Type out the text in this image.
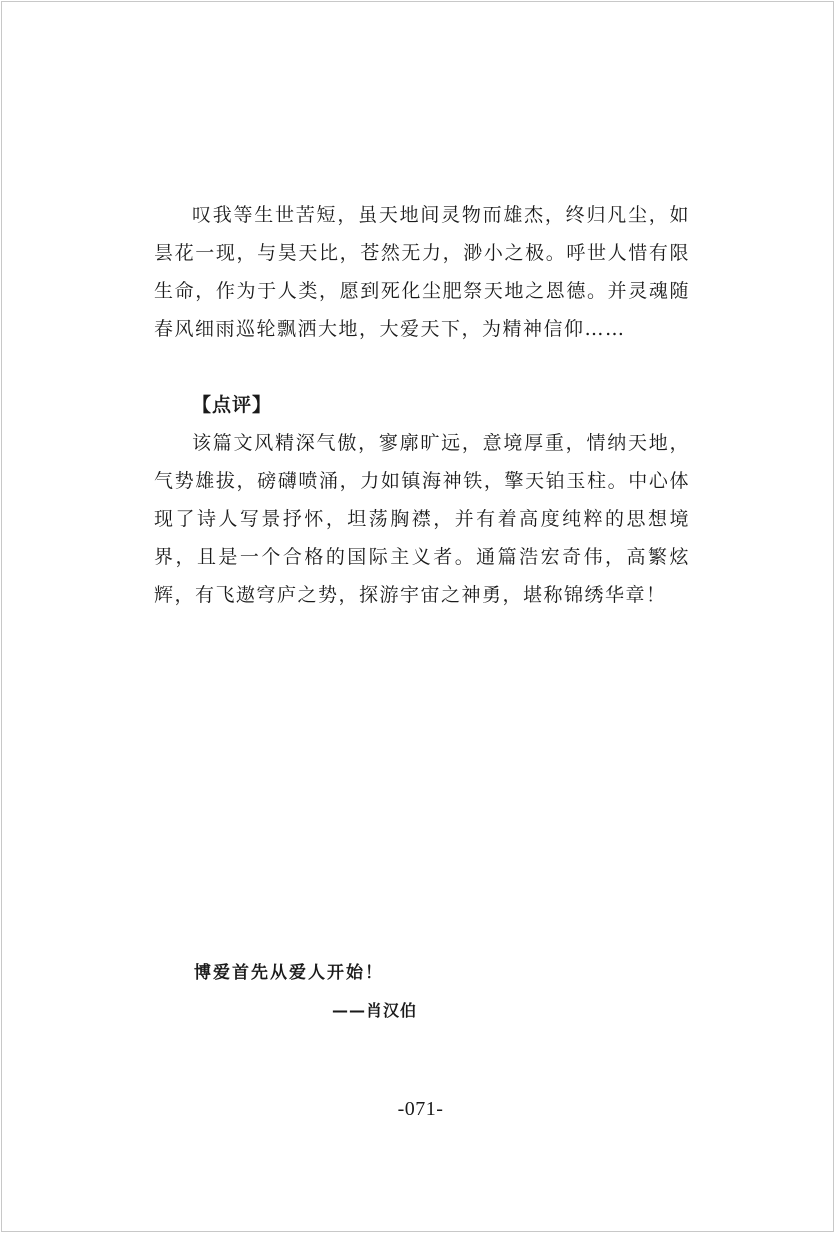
叹我等生世苦短，虽天地间灵物而雄杰，终归凡尘，如昙花一现，与昊天比，苍然无力，渺小之极。呼世人惜有限生命，作为于人类，愿到死化尘肥祭天地之恩德。并灵魂随春风细雨巡轮飘洒大地，大爱天下，为精神信仰……

【点评】

该篇文风精深气傲，寥廓旷远，意境厚重，情纳天地，气势雄拔，磅礴喷涌，力如镇海神铁，擎天铂玉柱。中心体现了诗人写景抒怀，坦荡胸襟，并有着高度纯粹的思想境界，且是一个合格的国际主义者。通篇浩宏奇伟，高繁炫辉，有飞遨穹庐之势，探游宇宙之神勇，堪称锦绣华章！

博爱首先从爱人开始！

——肖汉伯

-071-
